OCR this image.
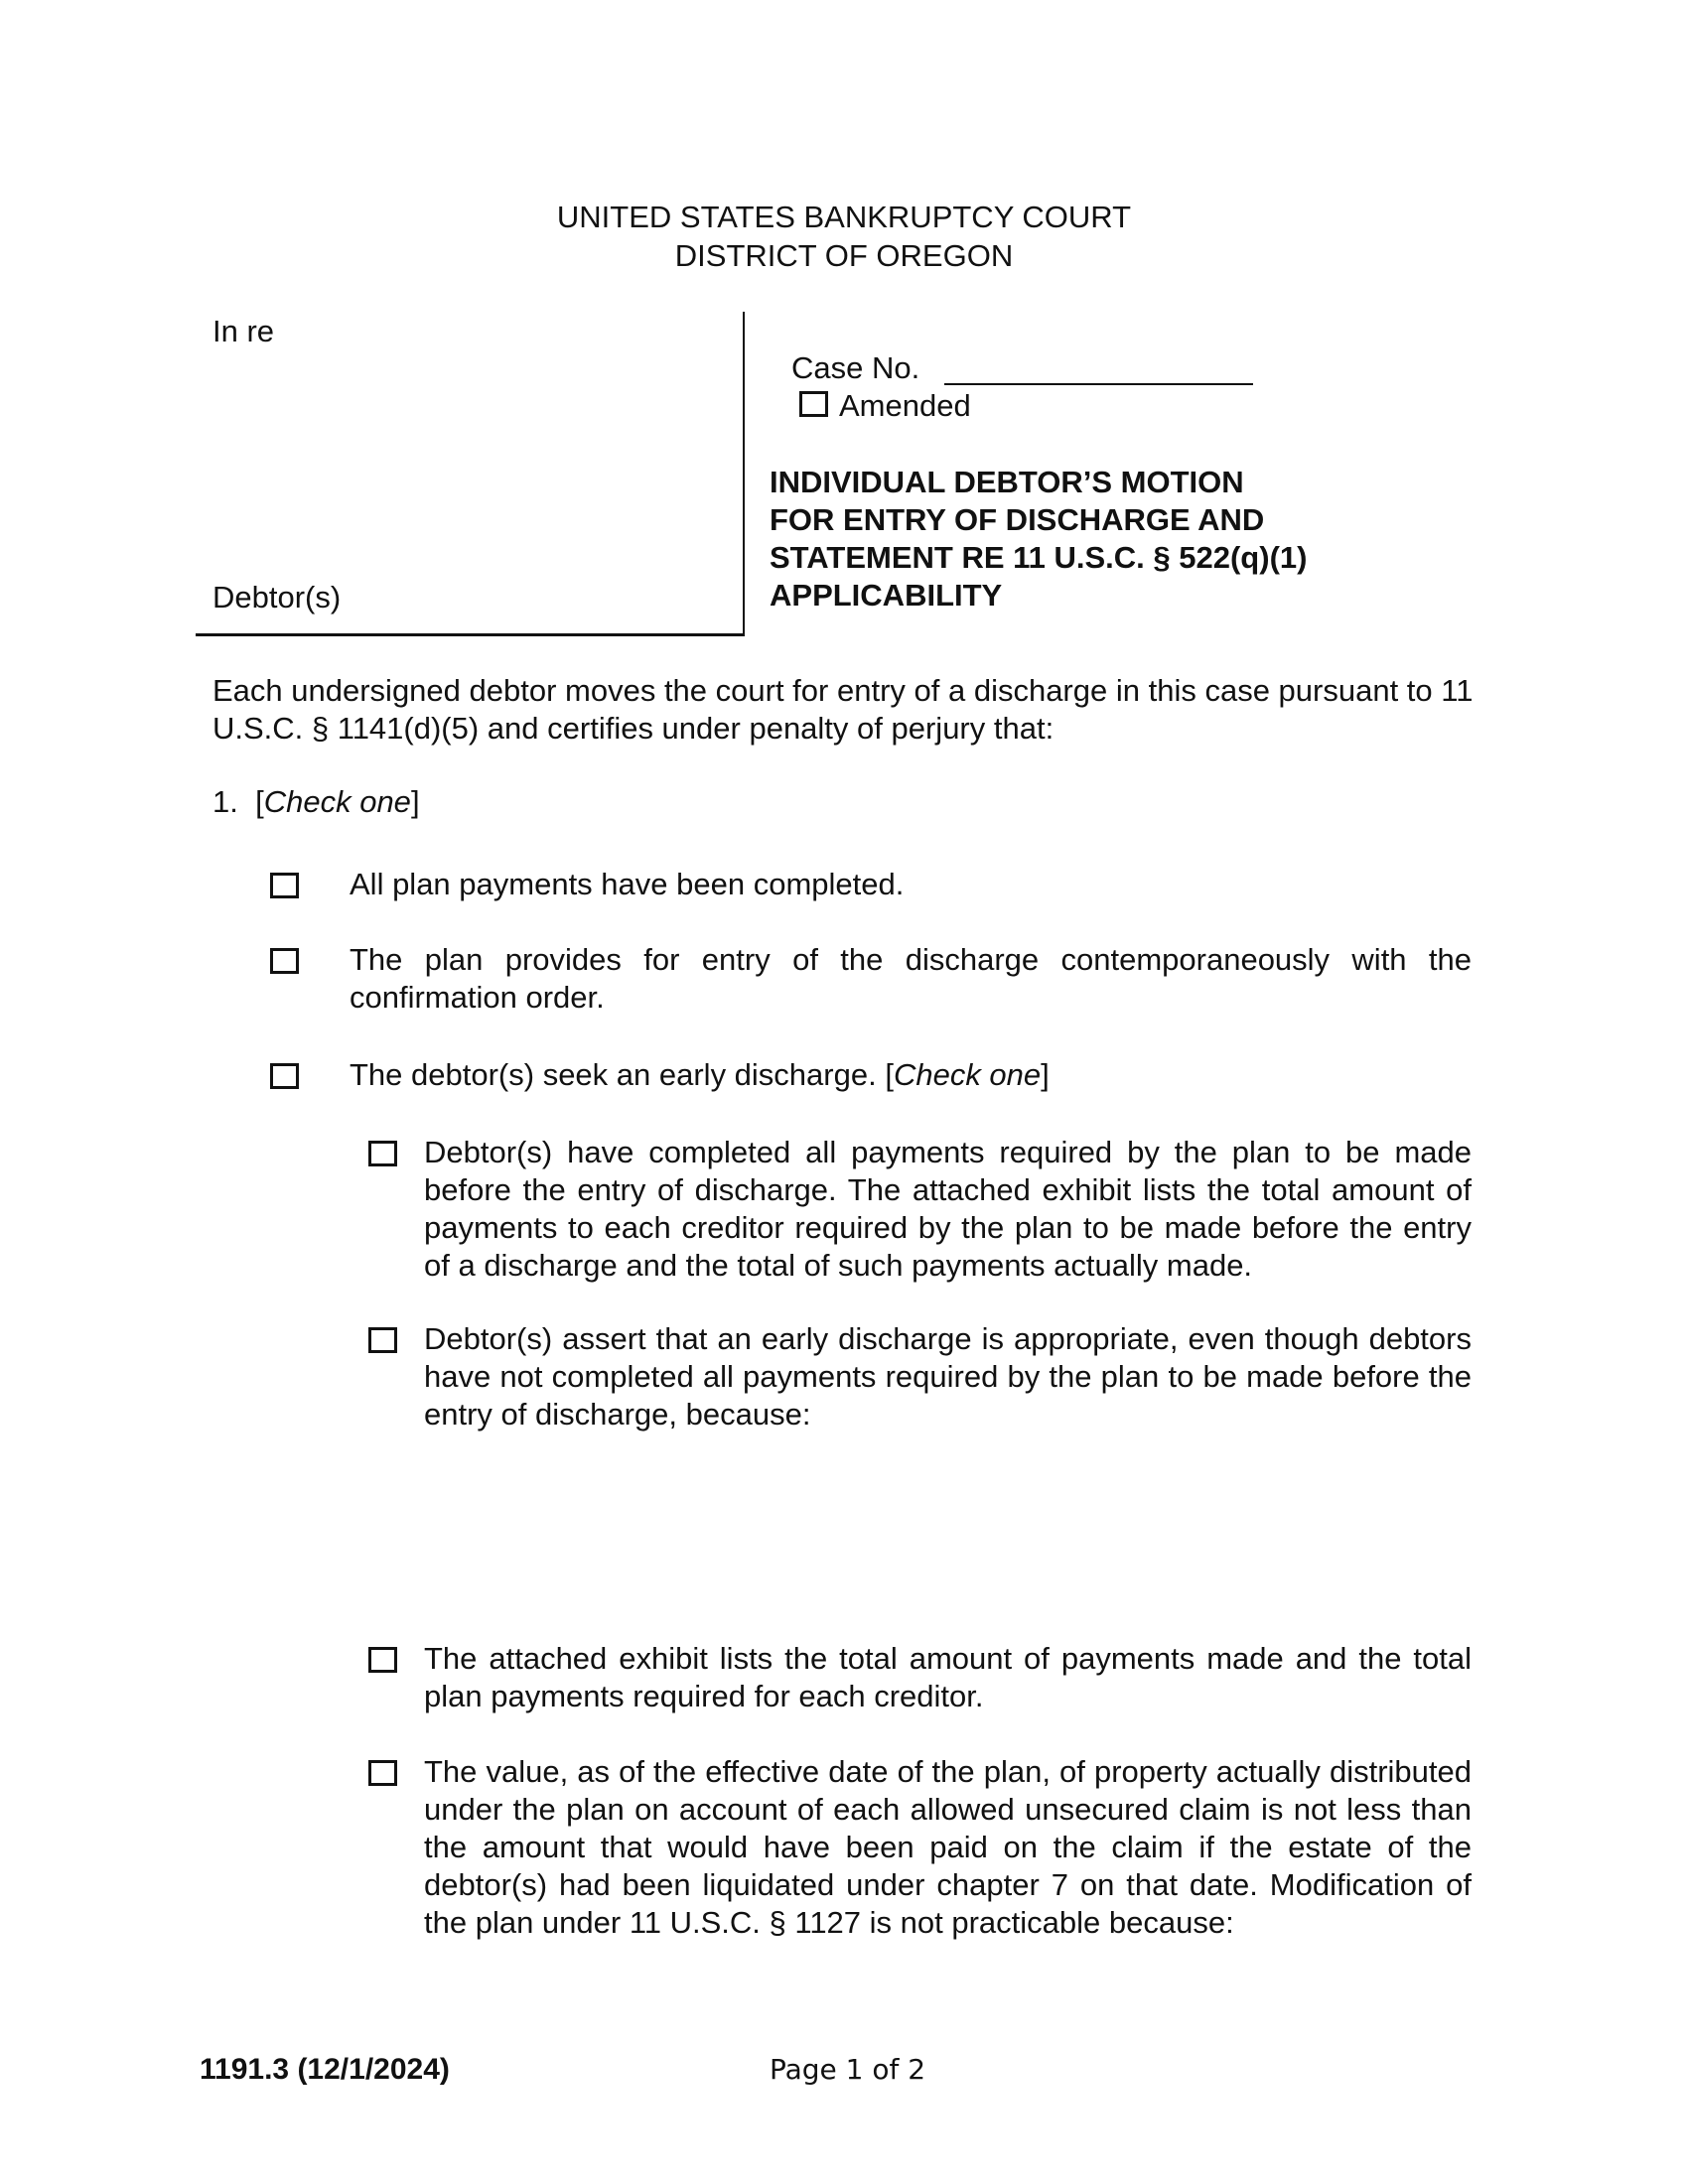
UNITED STATES BANKRUPTCY COURT
DISTRICT OF OREGON
In re
Debtor(s)
Case No.
Amended
INDIVIDUAL DEBTOR’S MOTION
FOR ENTRY OF DISCHARGE AND
STATEMENT RE 11 U.S.C. § 522(q)(1)
APPLICABILITY
Each undersigned debtor moves the court for entry of a discharge in this case pursuant to 11 U.S.C. § 1141(d)(5) and certifies under penalty of perjury that:
1. [Check one]
All plan payments have been completed.
The plan provides for entry of the discharge contemporaneously with the confirmation order.
The debtor(s) seek an early discharge. [Check one]
Debtor(s) have completed all payments required by the plan to be made before the entry of discharge. The attached exhibit lists the total amount of payments to each creditor required by the plan to be made before the entry of a discharge and the total of such payments actually made.
Debtor(s) assert that an early discharge is appropriate, even though debtors have not completed all payments required by the plan to be made before the entry of discharge, because:
The attached exhibit lists the total amount of payments made and the total plan payments required for each creditor.
The value, as of the effective date of the plan, of property actually distributed under the plan on account of each allowed unsecured claim is not less than the amount that would have been paid on the claim if the estate of the debtor(s) had been liquidated under chapter 7 on that date. Modification of the plan under 11 U.S.C. § 1127 is not practicable because:
1191.3 (12/1/2024)	Page 1 of 2
